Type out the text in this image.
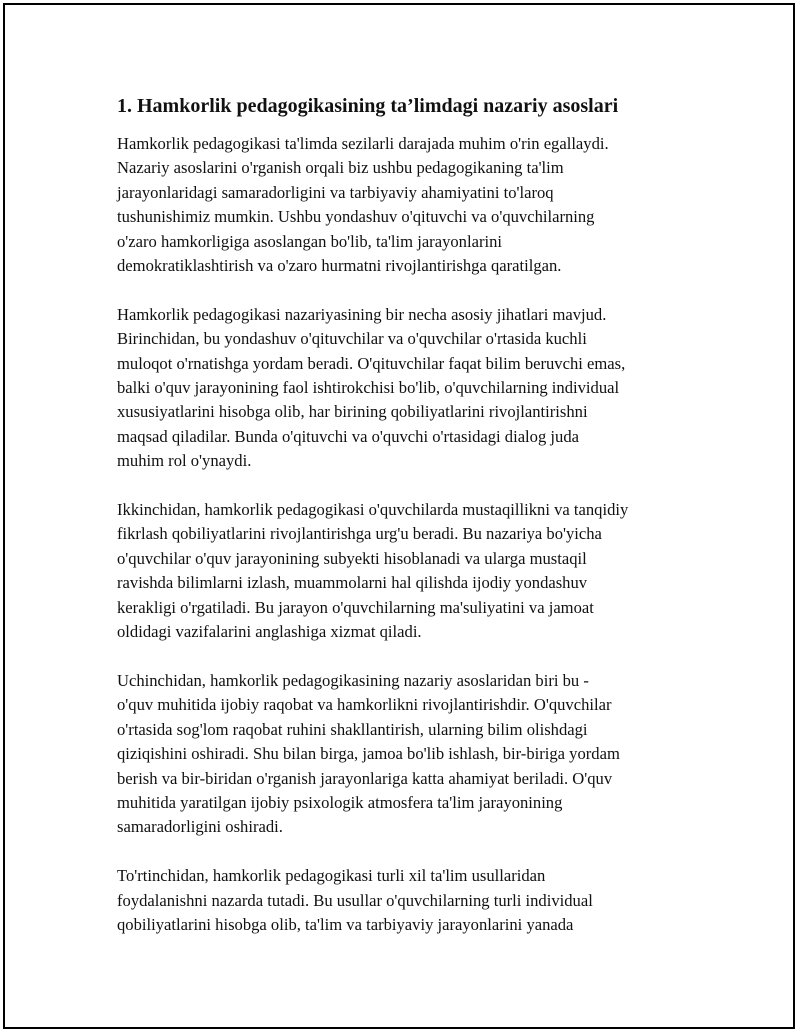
1. Hamkorlik pedagogikasining ta’limdagi nazariy asoslari

Hamkorlik pedagogikasi ta'limda sezilarli darajada muhim o'rin egallaydi.
Nazariy asoslarini o'rganish orqali biz ushbu pedagogikaning ta'lim
jarayonlaridagi samaradorligini va tarbiyaviy ahamiyatini to'laroq
tushunishimiz mumkin. Ushbu yondashuv o'qituvchi va o'quvchilarning
o'zaro hamkorligiga asoslangan bo'lib, ta'lim jarayonlarini
demokratiklashtirish va o'zaro hurmatni rivojlantirishga qaratilgan.

Hamkorlik pedagogikasi nazariyasining bir necha asosiy jihatlari mavjud.
Birinchidan, bu yondashuv o'qituvchilar va o'quvchilar o'rtasida kuchli
muloqot o'rnatishga yordam beradi. O'qituvchilar faqat bilim beruvchi emas,
balki o'quv jarayonining faol ishtirokchisi bo'lib, o'quvchilarning individual
xususiyatlarini hisobga olib, har birining qobiliyatlarini rivojlantirishni
maqsad qiladilar. Bunda o'qituvchi va o'quvchi o'rtasidagi dialog juda
muhim rol o'ynaydi.

Ikkinchidan, hamkorlik pedagogikasi o'quvchilarda mustaqillikni va tanqidiy
fikrlash qobiliyatlarini rivojlantirishga urg'u beradi. Bu nazariya bo'yicha
o'quvchilar o'quv jarayonining subyekti hisoblanadi va ularga mustaqil
ravishda bilimlarni izlash, muammolarni hal qilishda ijodiy yondashuv
kerakligi o'rgatiladi. Bu jarayon o'quvchilarning ma'suliyatini va jamoat
oldidagi vazifalarini anglashiga xizmat qiladi.

Uchinchidan, hamkorlik pedagogikasining nazariy asoslaridan biri bu -
o'quv muhitida ijobiy raqobat va hamkorlikni rivojlantirishdir. O'quvchilar
o'rtasida sog'lom raqobat ruhini shakllantirish, ularning bilim olishdagi
qiziqishini oshiradi. Shu bilan birga, jamoa bo'lib ishlash, bir-biriga yordam
berish va bir-biridan o'rganish jarayonlariga katta ahamiyat beriladi. O'quv
muhitida yaratilgan ijobiy psixologik atmosfera ta'lim jarayonining
samaradorligini oshiradi.

To'rtinchidan, hamkorlik pedagogikasi turli xil ta'lim usullaridan
foydalanishni nazarda tutadi. Bu usullar o'quvchilarning turli individual
qobiliyatlarini hisobga olib, ta'lim va tarbiyaviy jarayonlarini yanada
